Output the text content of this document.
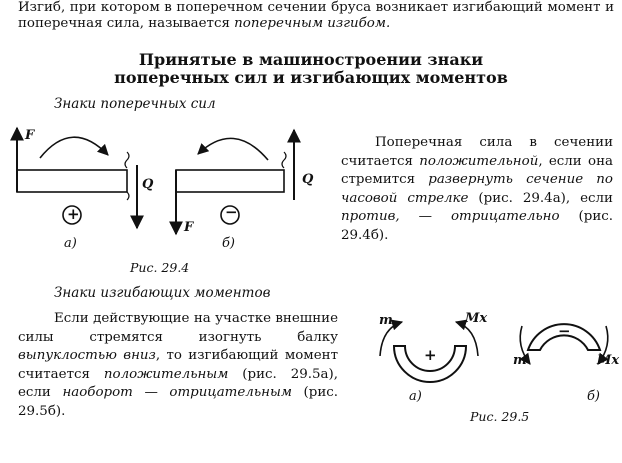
Изгиб, при котором в поперечном сечении бруса возникает изгибающий момент и поперечная сила, называется поперечным изгибом.
Принятые в машиностроении знаки
поперечных сил и изгибающих моментов
Знаки поперечных сил
F
Q
+
а)
F
Q
−
б)
Рис. 29.4
Поперечная сила в сечении считается положительной, если она стремится развернуть сечение по часовой стрелке (рис. 29.4а), если против, — отрицательно (рис. 29.4б).
Знаки изгибающих моментов
Если действующие на участке внешние силы стремятся изогнуть балку выпуклостью вниз, то изгибающий момент считается положительным (рис. 29.5а), если наоборот — отрицательным (рис. 29.5б).
m	Mx
+
а)
m	Mx
−
б)
Рис. 29.5
